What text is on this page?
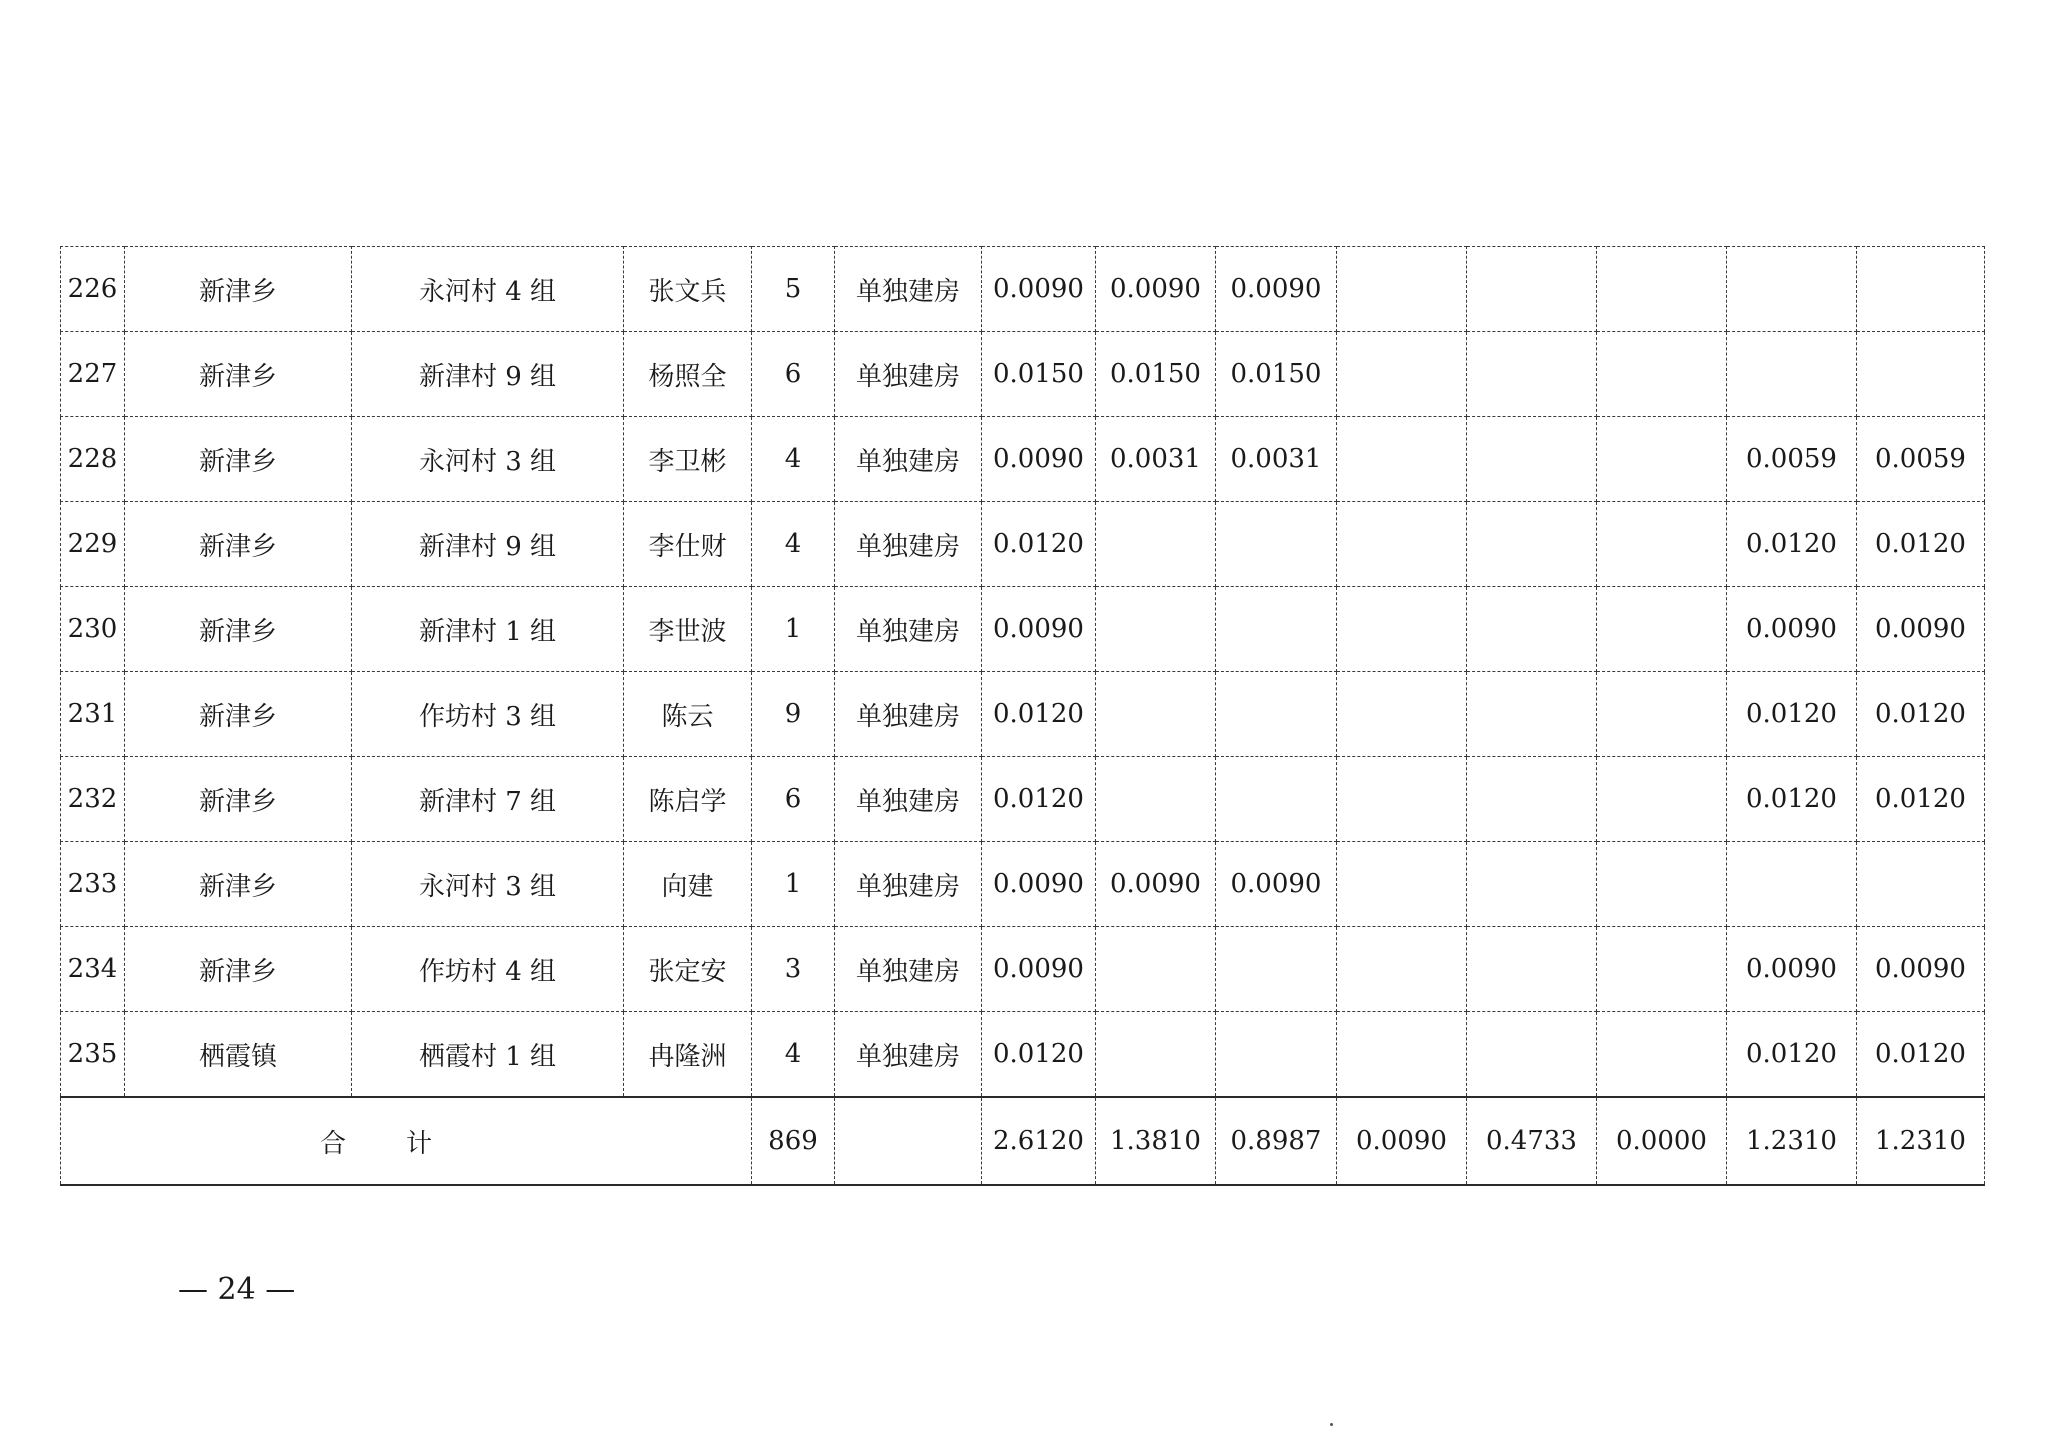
226	新津乡	永河村 4 组	张文兵	5	单独建房	0.0090	0.0090	0.0090					
227	新津乡	新津村 9 组	杨照全	6	单独建房	0.0150	0.0150	0.0150					
228	新津乡	永河村 3 组	李卫彬	4	单独建房	0.0090	0.0031	0.0031				0.0059	0.0059
229	新津乡	新津村 9 组	李仕财	4	单独建房	0.0120						0.0120	0.0120
230	新津乡	新津村 1 组	李世波	1	单独建房	0.0090						0.0090	0.0090
231	新津乡	作坊村 3 组	陈云	9	单独建房	0.0120						0.0120	0.0120
232	新津乡	新津村 7 组	陈启学	6	单独建房	0.0120						0.0120	0.0120
233	新津乡	永河村 3 组	向建	1	单独建房	0.0090	0.0090	0.0090					
234	新津乡	作坊村 4 组	张定安	3	单独建房	0.0090						0.0090	0.0090
235	栖霞镇	栖霞村 1 组	冉隆洲	4	单独建房	0.0120						0.0120	0.0120
合计				869		2.6120	1.3810	0.8987	0.0090	0.4733	0.0000	1.2310	1.2310
— 24 —
